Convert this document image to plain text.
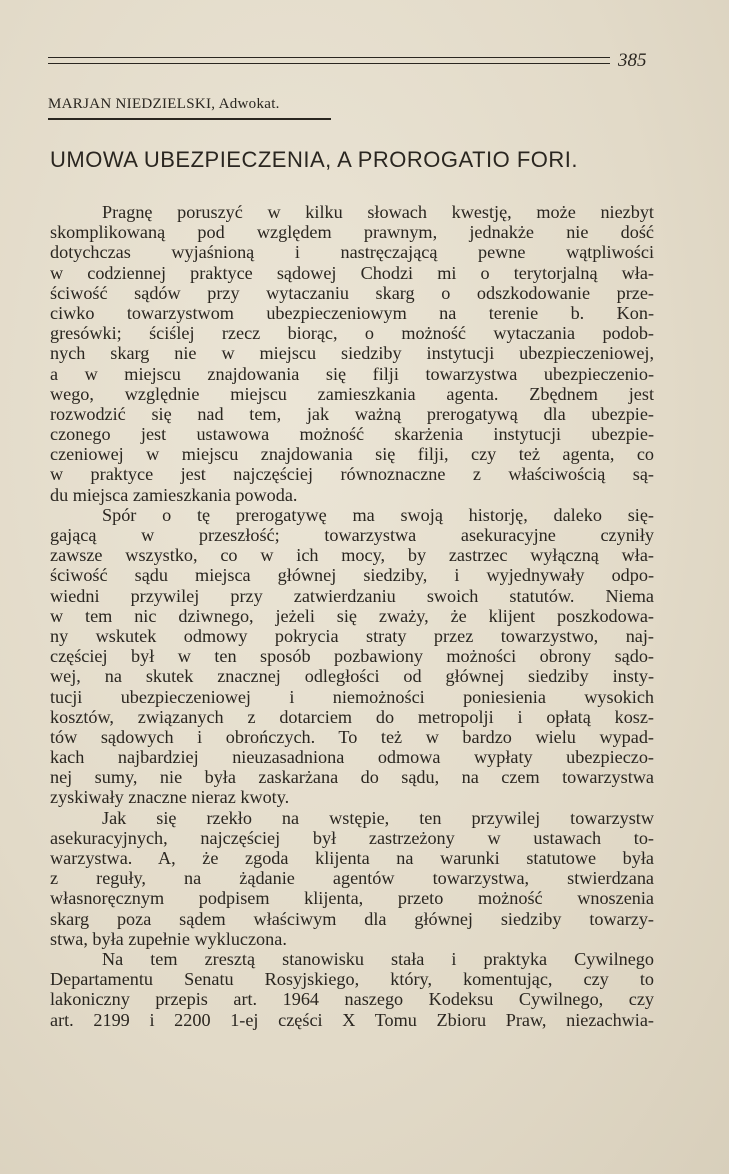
385
MARJAN NIEDZIELSKI, Adwokat.
UMOWA UBEZPIECZENIA, A PROROGATIO FORI.
Pragnę poruszyć w kilku słowach kwestję, może niezbyt
skomplikowaną pod względem prawnym, jednakże nie dość
dotychczas wyjaśnioną i nastręczającą pewne wątpliwości
w codziennej praktyce sądowej Chodzi mi o terytorjalną wła-
ściwość sądów przy wytaczaniu skarg o odszkodowanie prze-
ciwko towarzystwom ubezpieczeniowym na terenie b. Kon-
gresówki; ściślej rzecz biorąc, o możność wytaczania podob-
nych skarg nie w miejscu siedziby instytucji ubezpieczeniowej,
a w miejscu znajdowania się filji towarzystwa ubezpieczenio-
wego, względnie miejscu zamieszkania agenta. Zbędnem jest
rozwodzić się nad tem, jak ważną prerogatywą dla ubezpie-
czonego jest ustawowa możność skarżenia instytucji ubezpie-
czeniowej w miejscu znajdowania się filji, czy też agenta, co
w praktyce jest najczęściej równoznaczne z właściwością są-
du miejsca zamieszkania powoda.
Spór o tę prerogatywę ma swoją historję, daleko się-
gającą w przeszłość; towarzystwa asekuracyjne czyniły
zawsze wszystko, co w ich mocy, by zastrzec wyłączną wła-
ściwość sądu miejsca głównej siedziby, i wyjednywały odpo-
wiedni przywilej przy zatwierdzaniu swoich statutów. Niema
w tem nic dziwnego, jeżeli się zważy, że klijent poszkodowa-
ny wskutek odmowy pokrycia straty przez towarzystwo, naj-
częściej był w ten sposób pozbawiony możności obrony sądo-
wej, na skutek znacznej odległości od głównej siedziby insty-
tucji ubezpieczeniowej i niemożności poniesienia wysokich
kosztów, związanych z dotarciem do metropolji i opłatą kosz-
tów sądowych i obrończych. To też w bardzo wielu wypad-
kach najbardziej nieuzasadniona odmowa wypłaty ubezpieczo-
nej sumy, nie była zaskarżana do sądu, na czem towarzystwa
zyskiwały znaczne nieraz kwoty.
Jak się rzekło na wstępie, ten przywilej towarzystw
asekuracyjnych, najczęściej był zastrzeżony w ustawach to-
warzystwa. A, że zgoda klijenta na warunki statutowe była
z reguły, na żądanie agentów towarzystwa, stwierdzana
własnoręcznym podpisem klijenta, przeto możność wnoszenia
skarg poza sądem właściwym dla głównej siedziby towarzy-
stwa, była zupełnie wykluczona.
Na tem zresztą stanowisku stała i praktyka Cywilnego
Departamentu Senatu Rosyjskiego, który, komentując, czy to
lakoniczny przepis art. 1964 naszego Kodeksu Cywilnego, czy
art. 2199 i 2200 1-ej części X Tomu Zbioru Praw, niezachwia-
